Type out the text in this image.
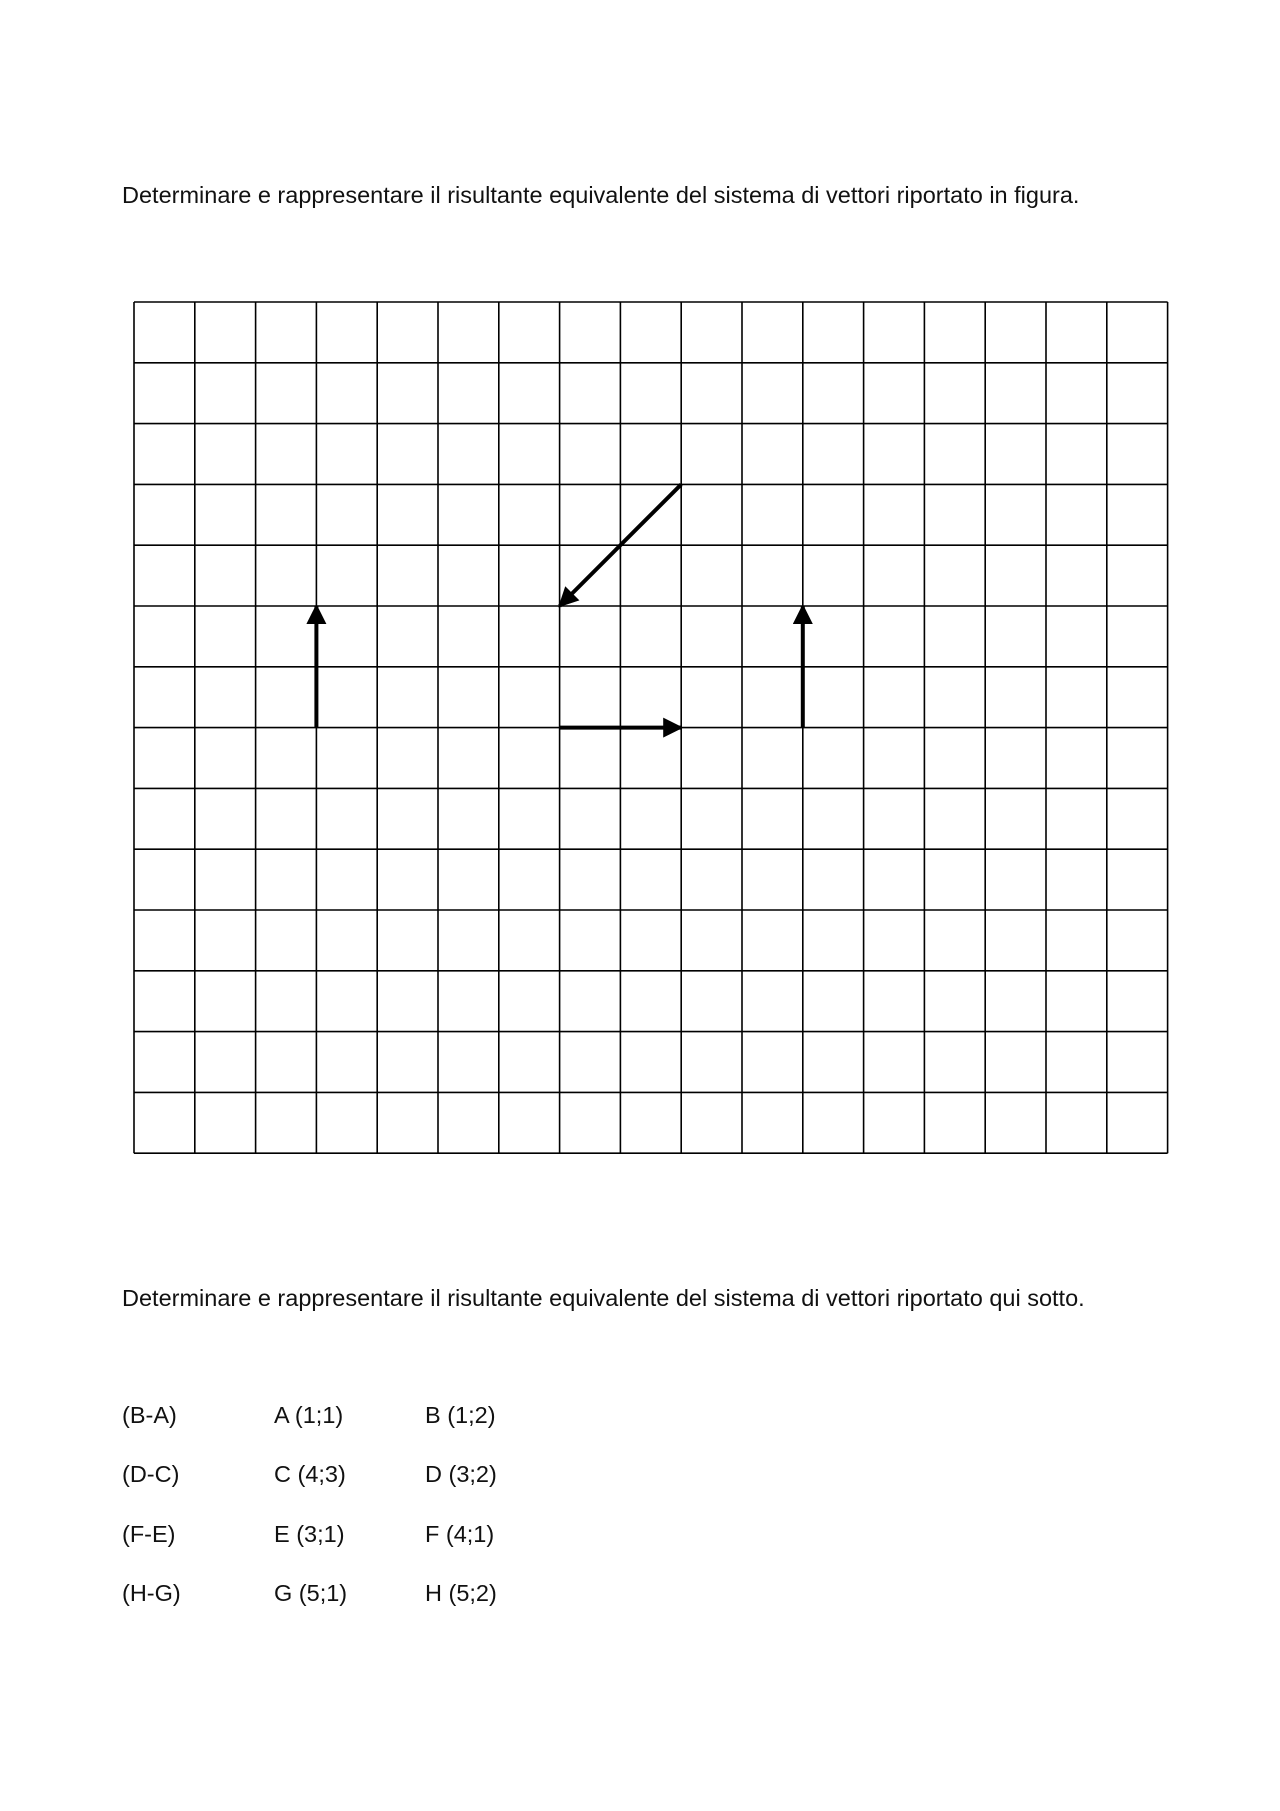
Determinare e rappresentare il risultante equivalente del sistema di vettori riportato in figura.

Determinare e rappresentare il risultante equivalente del sistema di vettori riportato qui sotto.

(B-A)	A (1;1)	B (1;2)
(D-C)	C (4;3)	D (3;2)
(F-E)	E (3;1)	F (4;1)
(H-G)	G (5;1)	H (5;2)
